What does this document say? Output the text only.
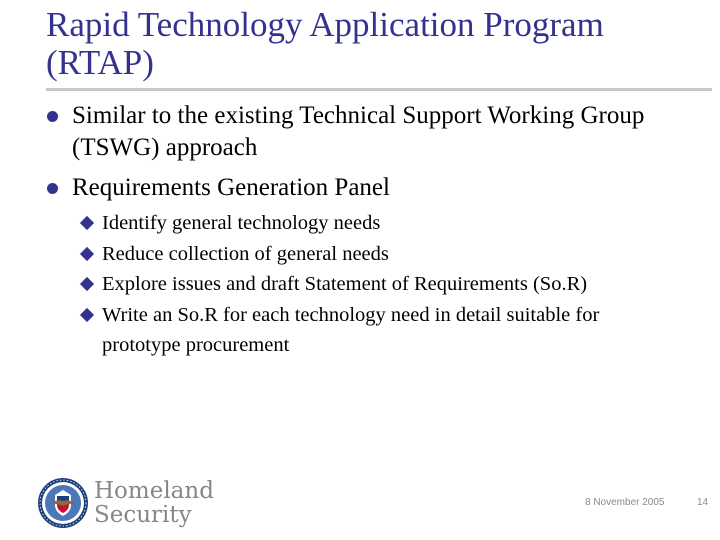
Rapid Technology Application Program (RTAP)
Similar to the existing Technical Support Working Group (TSWG) approach
Requirements Generation Panel
Identify general technology needs
Reduce collection of general needs
Explore issues and draft Statement of Requirements (So.R)
Write an So.R for each technology need in detail suitable for prototype procurement
Homeland
Security	8 November 2005	14
